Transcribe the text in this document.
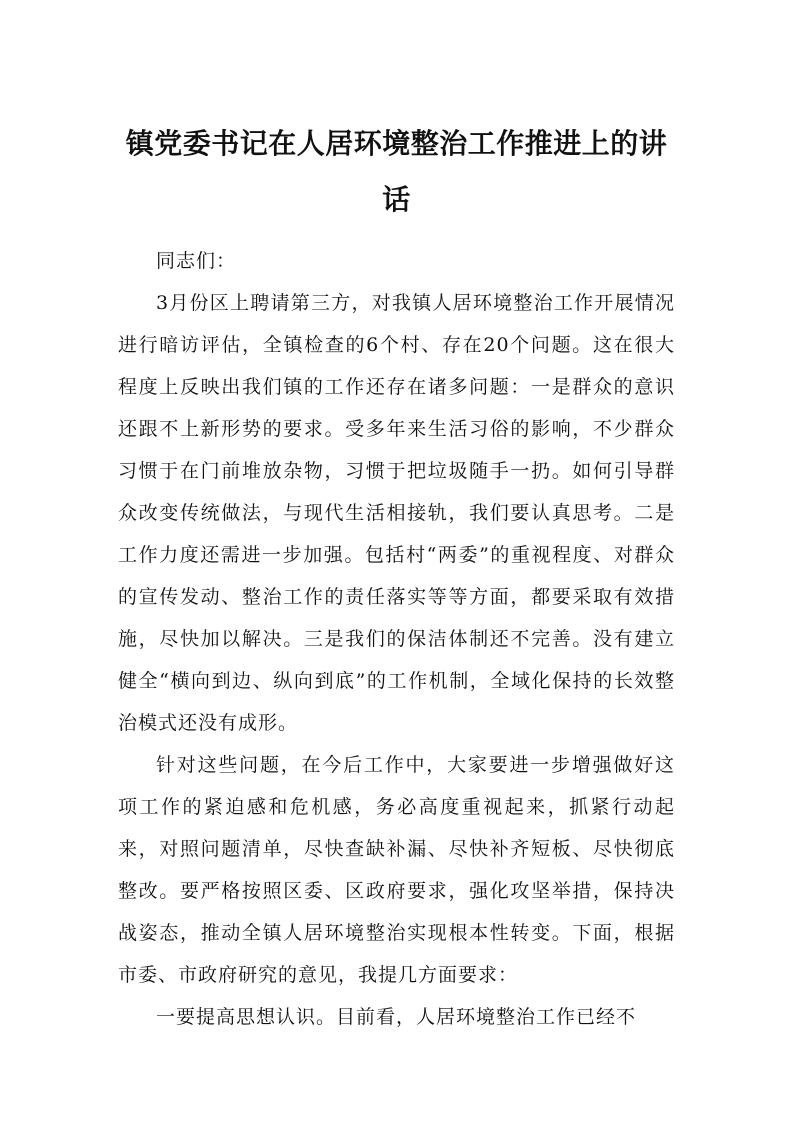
镇党委书记在人居环境整治工作推进上的讲话

同志们：

3月份区上聘请第三方，对我镇人居环境整治工作开展情况进行暗访评估，全镇检查的6个村、存在20个问题。这在很大程度上反映出我们镇的工作还存在诸多问题：一是群众的意识还跟不上新形势的要求。受多年来生活习俗的影响，不少群众习惯于在门前堆放杂物，习惯于把垃圾随手一扔。如何引导群众改变传统做法，与现代生活相接轨，我们要认真思考。二是工作力度还需进一步加强。包括村“两委”的重视程度、对群众的宣传发动、整治工作的责任落实等等方面，都要采取有效措施，尽快加以解决。三是我们的保洁体制还不完善。没有建立健全“横向到边、纵向到底”的工作机制，全域化保持的长效整治模式还没有成形。

针对这些问题，在今后工作中，大家要进一步增强做好这项工作的紧迫感和危机感，务必高度重视起来，抓紧行动起来，对照问题清单，尽快查缺补漏、尽快补齐短板、尽快彻底整改。要严格按照区委、区政府要求，强化攻坚举措，保持决战姿态，推动全镇人居环境整治实现根本性转变。下面，根据市委、市政府研究的意见，我提几方面要求：

一要提高思想认识。目前看，人居环境整治工作已经不
